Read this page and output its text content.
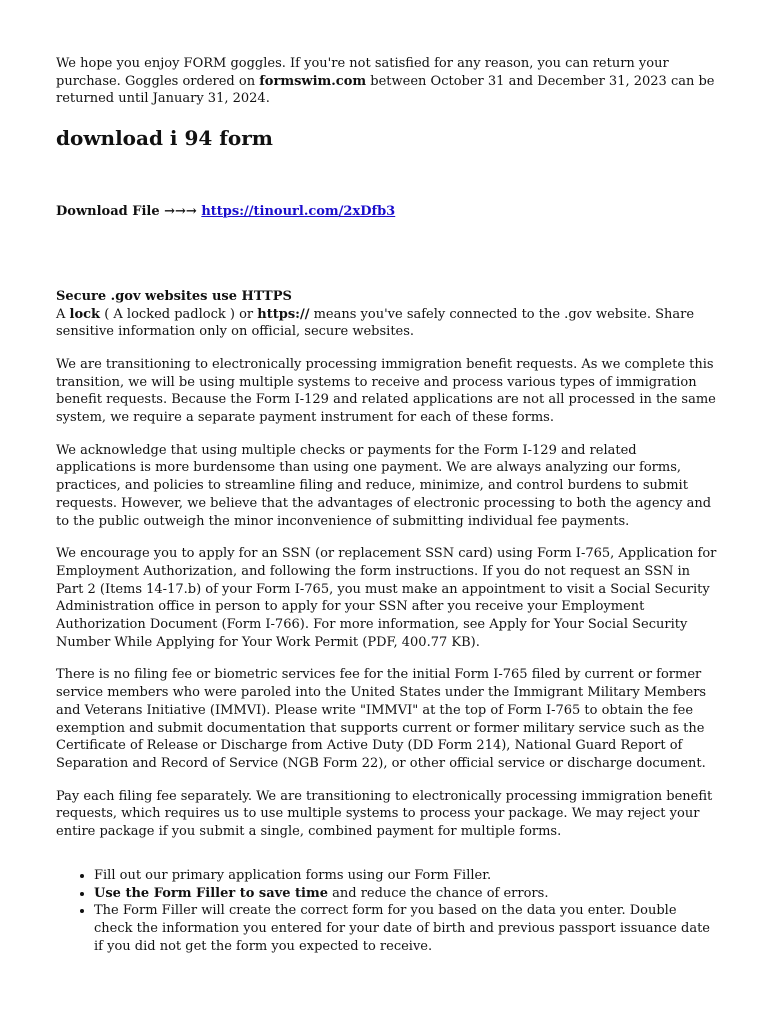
We hope you enjoy FORM goggles. If you're not satisfied for any reason, you can return your purchase. Goggles ordered on formswim.com between October 31 and December 31, 2023 can be returned until January 31, 2024.

download i 94 form

Download File →→→ https://tinourl.com/2xDfb3

Secure .gov websites use HTTPS

A lock ( A locked padlock ) or https:// means you've safely connected to the .gov website. Share sensitive information only on official, secure websites.

We are transitioning to electronically processing immigration benefit requests. As we complete this transition, we will be using multiple systems to receive and process various types of immigration benefit requests. Because the Form I-129 and related applications are not all processed in the same system, we require a separate payment instrument for each of these forms.

We acknowledge that using multiple checks or payments for the Form I-129 and related applications is more burdensome than using one payment. We are always analyzing our forms, practices, and policies to streamline filing and reduce, minimize, and control burdens to submit requests. However, we believe that the advantages of electronic processing to both the agency and to the public outweigh the minor inconvenience of submitting individual fee payments.

We encourage you to apply for an SSN (or replacement SSN card) using Form I-765, Application for Employment Authorization, and following the form instructions. If you do not request an SSN in Part 2 (Items 14-17.b) of your Form I-765, you must make an appointment to visit a Social Security Administration office in person to apply for your SSN after you receive your Employment Authorization Document (Form I-766). For more information, see Apply for Your Social Security Number While Applying for Your Work Permit (PDF, 400.77 KB).

There is no filing fee or biometric services fee for the initial Form I-765 filed by current or former service members who were paroled into the United States under the Immigrant Military Members and Veterans Initiative (IMMVI). Please write "IMMVI" at the top of Form I-765 to obtain the fee exemption and submit documentation that supports current or former military service such as the Certificate of Release or Discharge from Active Duty (DD Form 214), National Guard Report of Separation and Record of Service (NGB Form 22), or other official service or discharge document.

Pay each filing fee separately. We are transitioning to electronically processing immigration benefit requests, which requires us to use multiple systems to process your package. We may reject your entire package if you submit a single, combined payment for multiple forms.

• Fill out our primary application forms using our Form Filler.
• Use the Form Filler to save time and reduce the chance of errors.
• The Form Filler will create the correct form for you based on the data you enter. Double check the information you entered for your date of birth and previous passport issuance date if you did not get the form you expected to receive.
